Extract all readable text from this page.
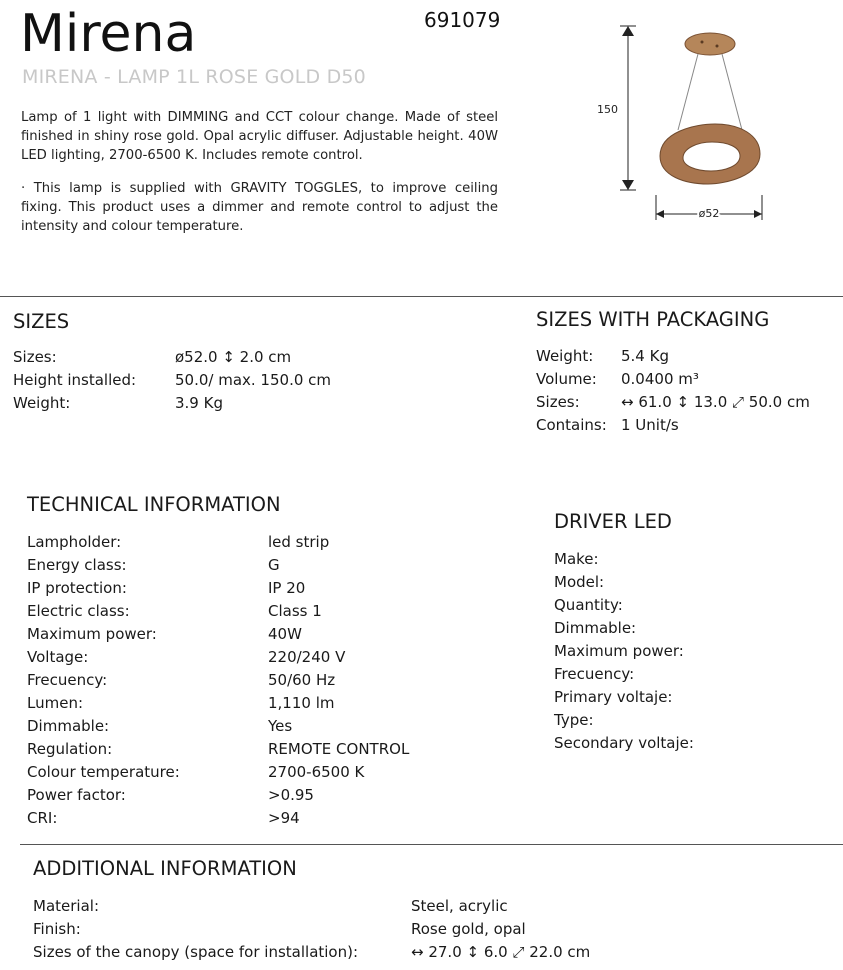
Mirena	691079
MIRENA - LAMP 1L ROSE GOLD D50
Lamp of 1 light with DIMMING and CCT colour change. Made of steel finished in shiny rose gold. Opal acrylic diffuser. Adjustable height. 40W LED lighting, 2700-6500 K. Includes remote control.
· This lamp is supplied with GRAVITY TOGGLES, to improve ceiling fixing. This product uses a dimmer and remote control to adjust the intensity and colour temperature.
150
ø52
SIZES
Sizes:	ø52.0 ↕ 2.0 cm
Height installed:	50.0/ max. 150.0 cm
Weight:	3.9 Kg
SIZES WITH PACKAGING
Weight: 5.4 Kg
Volume: 0.0400 m³
Sizes:	↔ 61.0 ↕ 13.0 ⤢ 50.0 cm
Contains: 1 Unit/s
TECHNICAL INFORMATION
Lampholder:	led strip
Energy class:	G
IP protection:	IP 20
Electric class:	Class 1
Maximum power:	40W
Voltage:	220/240 V
Frecuency:	50/60 Hz
Lumen:	1,110 lm
Dimmable:	Yes
Regulation:	REMOTE CONTROL
Colour temperature:	2700-6500 K
Power factor:	>0.95
CRI:	>94
DRIVER LED
Make:
Model:
Quantity:
Dimmable:
Maximum power:
Frecuency:
Primary voltaje:
Type:
Secondary voltaje:
ADDITIONAL INFORMATION
Material:	Steel, acrylic
Finish:	Rose gold, opal
Sizes of the canopy (space for installation):	↔ 27.0 ↕ 6.0 ⤢ 22.0 cm
